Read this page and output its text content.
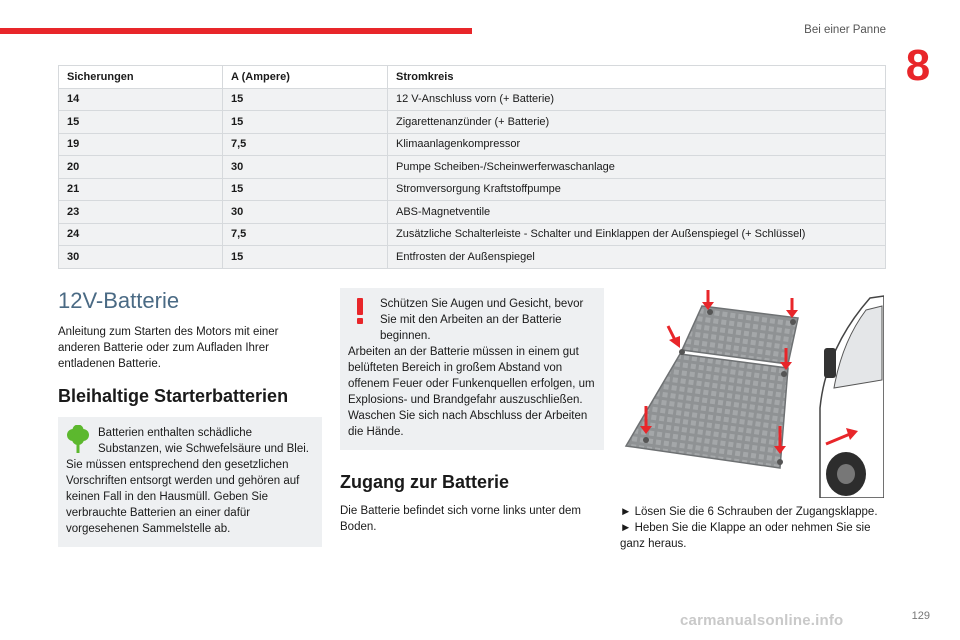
Bei einer Panne
8
Sicherungen	A (Ampere)	Stromkreis
14	15	12 V-Anschluss vorn (+ Batterie)
15	15	Zigarettenanzünder (+ Batterie)
19	7,5	Klimaanlagenkompressor
20	30	Pumpe Scheiben-/Scheinwerferwaschanlage
21	15	Stromversorgung Kraftstoffpumpe
23	30	ABS-Magnetventile
24	7,5	Zusätzliche Schalterleiste - Schalter und Einklappen der Außenspiegel (+ Schlüssel)
30	15	Entfrosten der Außenspiegel
12V-Batterie

Anleitung zum Starten des Motors mit einer anderen Batterie oder zum Aufladen Ihrer entladenen Batterie.

Bleihaltige Starterbatterien
Batterien enthalten schädliche Substanzen, wie Schwefelsäure und Blei.
Sie müssen entsprechend den gesetzlichen Vorschriften entsorgt werden und gehören auf keinen Fall in den Hausmüll. Geben Sie verbrauchte Batterien an einer dafür vorgesehenen Sammelstelle ab.
Schützen Sie Augen und Gesicht, bevor Sie mit den Arbeiten an der Batterie beginnen.
Arbeiten an der Batterie müssen in einem gut belüfteten Bereich in großem Abstand von offenem Feuer oder Funkenquellen erfolgen, um Explosions- und Brandgefahr auszuschließen. Waschen Sie sich nach Abschluss der Arbeiten die Hände.
Zugang zur Batterie

Die Batterie befindet sich vorne links unter dem Boden.

► Lösen Sie die 6 Schrauben der Zugangsklappe.

► Heben Sie die Klappe an oder nehmen Sie sie ganz heraus.

carmanualsonline.info	129
